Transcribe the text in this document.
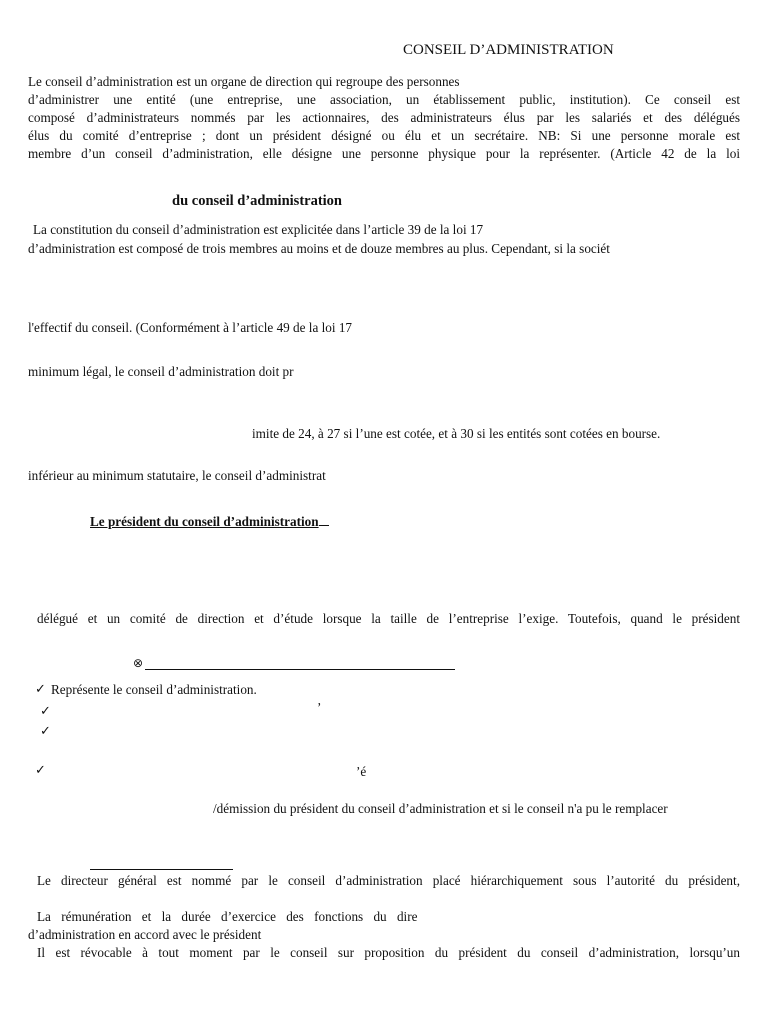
CONSEIL D’ADMINISTRATION
Le conseil d’administration est un organe de direction qui regroupe des personnes
d’administrer une entité (une entreprise, une association, un établissement public, institution). Ce conseil est
composé d’administrateurs nommés par les actionnaires, des administrateurs élus par les salariés et des délégués
élus du comité d’entreprise ; dont un président désigné ou élu et un secrétaire. NB: Si une personne morale est
membre d’un conseil d’administration, elle désigne une personne physique pour la représenter. (Article 42 de la loi
du conseil d’administration
La constitution du conseil d’administration est explicitée dans l’article 39 de la loi 17
d’administration est composé de trois membres au moins et de douze membres au plus. Cependant, si la sociét
l'effectif du conseil. (Conformément à l’article 49 de la loi 17
minimum légal, le conseil d’administration doit pr
imite de 24, à 27 si l’une est cotée, et à 30 si les entités sont cotées en bourse.
inférieur au minimum statutaire, le conseil d’administrat
Le président du conseil d’administration
délégué et un comité de direction et d’étude lorsque la taille de l’entreprise l’exige. Toutefois, quand le président
⊗
✓ Représente le conseil d’administration.
✓	’
✓
✓	’é
/démission du président du conseil d’administration et si le conseil n'a pu le remplacer
Le directeur général est nommé par le conseil d’administration placé hiérarchiquement sous l’autorité du président,
La rémunération et la durée d’exercice des fonctions du dire
d’administration en accord avec le président
Il est révocable à tout moment par le conseil sur proposition du président du conseil d’administration, lorsqu’un
